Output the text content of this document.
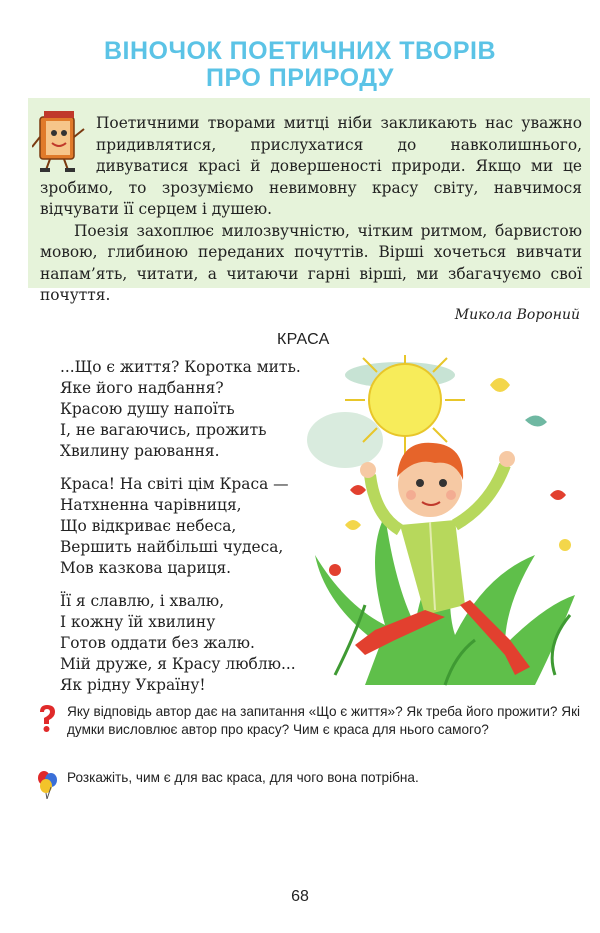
ВІНОЧОК ПОЕТИЧНИХ ТВОРІВ
ПРО ПРИРОДУ

Поетичними творами митці ніби закликають нас уважно придивлятися, прислухатися до навколишнього, дивуватися красі й довершеності природи. Якщо ми це зробимо, то зрозуміємо невимовну красу світу, навчимося відчувати її серцем і душею.

Поезія захоплює милозвучністю, чітким ритмом, барвистою мовою, глибиною переданих почуттів. Вірші хочеться вивчати напам’ять, читати, а читаючи гарні вірші, ми збагачуємо свої почуття.

Микола Вороний
КРАСА
...Що є життя? Коротка мить.
Яке його надбання?
Красою душу напоїть
І, не вагаючись, прожить
Хвилину раювання.
Краса! На світі цім Краса —
Натхненна чарівниця,
Що відкриває небеса,
Вершить найбільші чудеса,
Мов казкова цариця.
Її я славлю, і хвалю,
І кожну їй хвилину
Готов оддати без жалю.
Мій друже, я Красу люблю...
Як рідну Україну!
Яку відповідь автор дає на запитання «Що є життя»? Як треба його прожити? Які думки висловлює автор про красу? Чим є краса для нього самого?
Розкажіть, чим є для вас краса, для чого вона потрібна.
68
